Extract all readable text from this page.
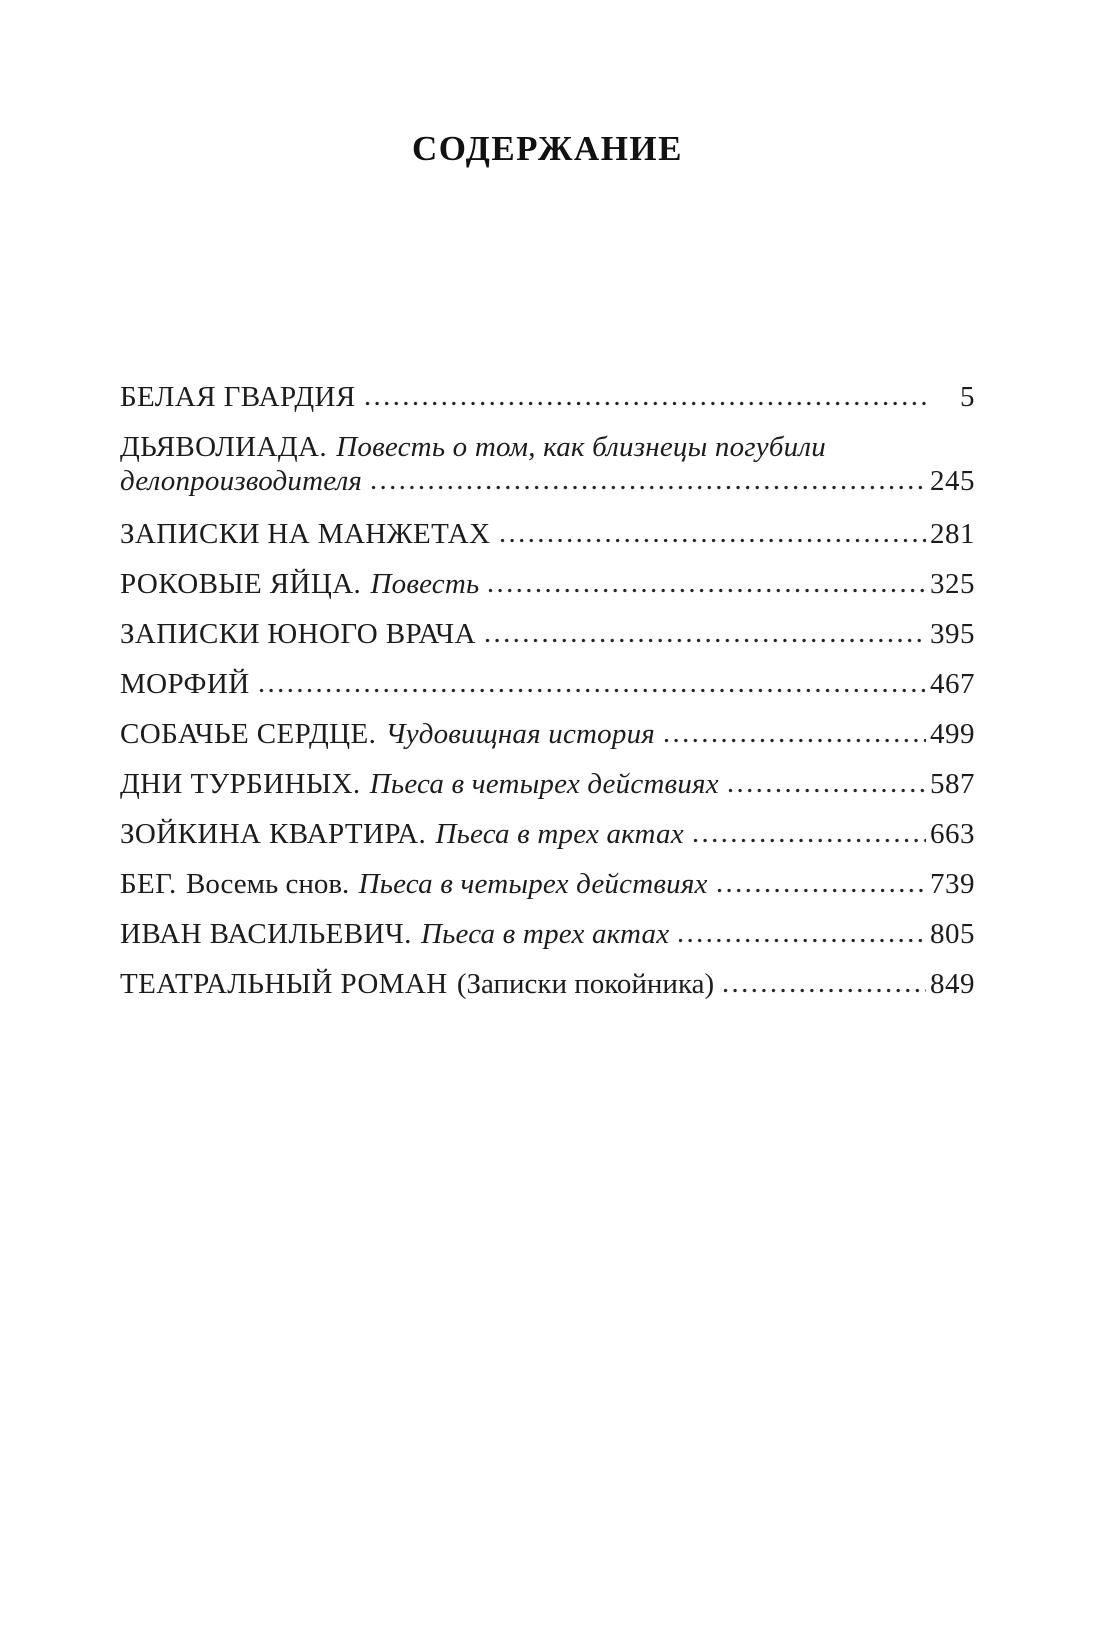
СОДЕРЖАНИЕ
БЕЛАЯ ГВАРДИЯ	5
ДЬЯВОЛИАДА. Повесть о том, как близнецы погубили
делопроизводителя	245
ЗАПИСКИ НА МАНЖЕТАХ	281
РОКОВЫЕ ЯЙЦА. Повесть	325
ЗАПИСКИ ЮНОГО ВРАЧА	395
МОРФИЙ	467
СОБАЧЬЕ СЕРДЦЕ. Чудовищная история	499
ДНИ ТУРБИНЫХ. Пьеса в четырех действиях	587
ЗОЙКИНА КВАРТИРА. Пьеса в трех актах	663
БЕГ. Восемь снов. Пьеса в четырех действиях	739
ИВАН ВАСИЛЬЕВИЧ. Пьеса в трех актах	805
ТЕАТРАЛЬНЫЙ РОМАН (Записки покойника)	849
